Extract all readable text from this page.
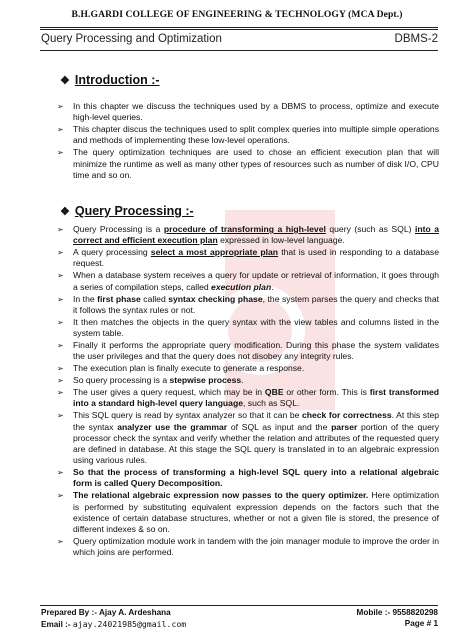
B.H.GARDI COLLEGE OF ENGINEERING & TECHNOLOGY (MCA Dept.)
Query Processing and Optimization	DBMS-2
❖ Introduction :-
➢ In this chapter we discuss the techniques used by a DBMS to process, optimize and execute high-level queries.
➢ This chapter discus the techniques used to split complex queries into multiple simple operations and methods of implementing these low-level operations.
➢ The query optimization techniques are used to chose an efficient execution plan that will minimize the runtime as well as many other types of resources such as number of disk I/O, CPU time and so on.
❖ Query Processing :-
➢ Query Processing is a procedure of transforming a high-level query (such as SQL) into a correct and efficient execution plan expressed in low-level language.
➢ A query processing select a most appropriate plan that is used in responding to a database request.
➢ When a database system receives a query for update or retrieval of information, it goes through a series of compilation steps, called execution plan.
➢ In the first phase called syntax checking phase, the system parses the query and checks that it follows the syntax rules or not.
➢ It then matches the objects in the query syntax with the view tables and columns listed in the system table.
➢ Finally it performs the appropriate query modification. During this phase the system validates the user privileges and that the query does not disobey any integrity rules.
➢ The execution plan is finally execute to generate a response.
➢ So query processing is a stepwise process.
➢ The user gives a query request, which may be in QBE or other form. This is first transformed into a standard high-level query language, such as SQL.
➢ This SQL query is read by syntax analyzer so that it can be check for correctness. At this step the syntax analyzer use the grammar of SQL as input and the parser portion of the query processor check the syntax and verify whether the relation and attributes of the requested query are defined in database. At this stage the SQL query is translated in to an algebraic expression using various rules.
➢ So that the process of transforming a high-level SQL query into a relational algebraic form is called Query Decomposition.
➢ The relational algebraic expression now passes to the query optimizer. Here optimization is performed by substituting equivalent expression depends on the factors such that the existence of certain database structures, whether or not a given file is stored, the presence of different indexes & so on.
➢ Query optimization module work in tandem with the join manager module to improve the order in which joins are performed.
Prepared By :- Ajay A. Ardeshana
Email :- ajay.24021985@gmail.com
Mobile :- 9558820298
Page # 1
